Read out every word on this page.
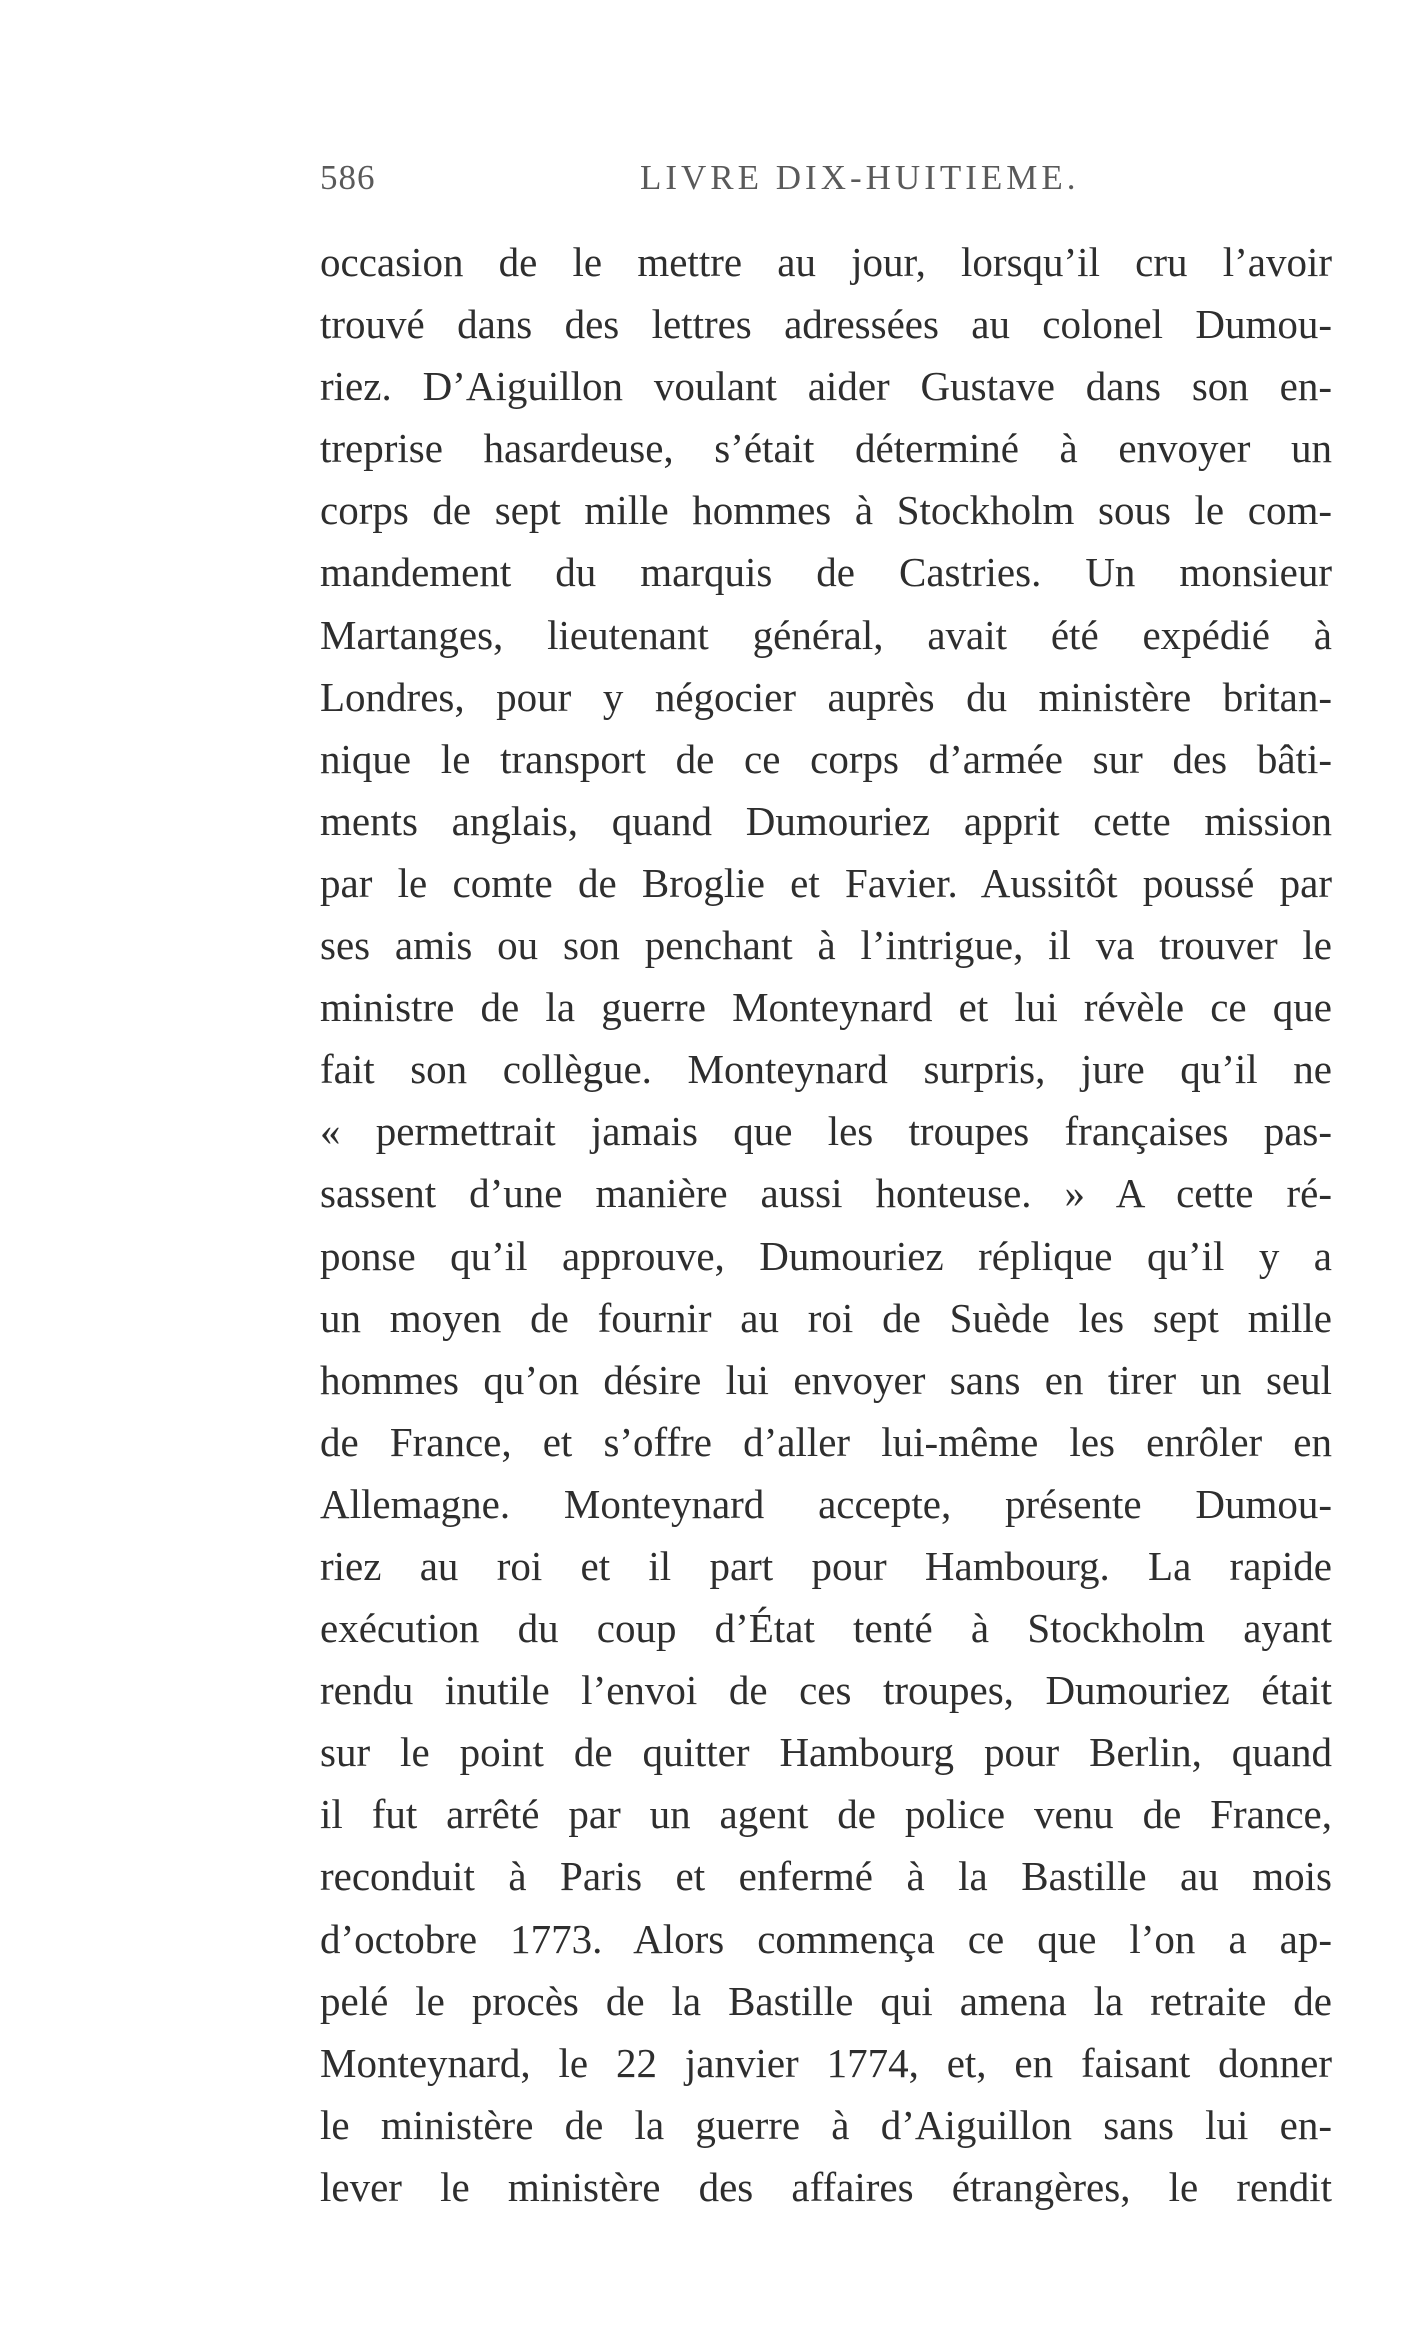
586	LIVRE DIX-HUITIEME.
occasion de le mettre au jour, lorsqu’il cru l’avoir
trouvé dans des lettres adressées au colonel Dumou-
riez. D’Aiguillon voulant aider Gustave dans son en-
treprise hasardeuse, s’était déterminé à envoyer un
corps de sept mille hommes à Stockholm sous le com-
mandement du marquis de Castries. Un monsieur
Martanges, lieutenant général, avait été expédié à
Londres, pour y négocier auprès du ministère britan-
nique le transport de ce corps d’armée sur des bâti-
ments anglais, quand Dumouriez apprit cette mission
par le comte de Broglie et Favier. Aussitôt poussé par
ses amis ou son penchant à l’intrigue, il va trouver le
ministre de la guerre Monteynard et lui révèle ce que
fait son collègue. Monteynard surpris, jure qu’il ne
« permettrait jamais que les troupes françaises pas-
sassent d’une manière aussi honteuse. » A cette ré-
ponse qu’il approuve, Dumouriez réplique qu’il y a
un moyen de fournir au roi de Suède les sept mille
hommes qu’on désire lui envoyer sans en tirer un seul
de France, et s’offre d’aller lui-même les enrôler en
Allemagne. Monteynard accepte, présente Dumou-
riez au roi et il part pour Hambourg. La rapide
exécution du coup d’État tenté à Stockholm ayant
rendu inutile l’envoi de ces troupes, Dumouriez était
sur le point de quitter Hambourg pour Berlin, quand
il fut arrêté par un agent de police venu de France,
reconduit à Paris et enfermé à la Bastille au mois
d’octobre 1773. Alors commença ce que l’on a ap-
pelé le procès de la Bastille qui amena la retraite de
Monteynard, le 22 janvier 1774, et, en faisant donner
le ministère de la guerre à d’Aiguillon sans lui en-
lever le ministère des affaires étrangères, le rendit
